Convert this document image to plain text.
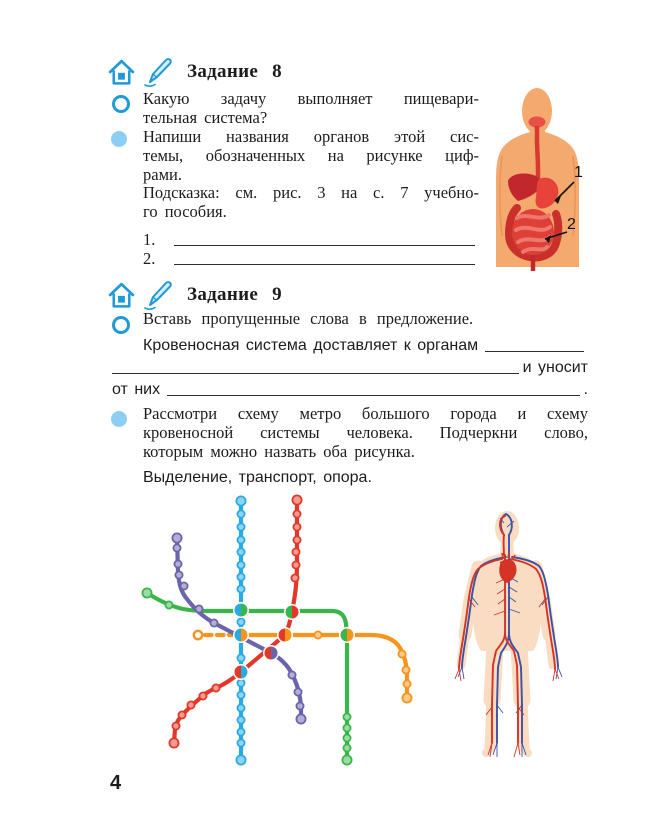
Задание 8
Какую задачу выполняет пищевари-
тельная система?
Напиши названия органов этой сис-
темы, обозначенных на рисунке циф-
рами.
Подсказка: см. рис. 3 на с. 7 учебно-
го пособия.
1.
2.
1
2
Задание 9
Вставь пропущенные слова в предложение.
Кровеносная система доставляет к органам
и уносит
от них	.
Рассмотри схему метро большого города и схему
кровеносной системы человека. Подчеркни слово,
которым можно назвать оба рисунка.
Выделение, транспорт, опора.
4
